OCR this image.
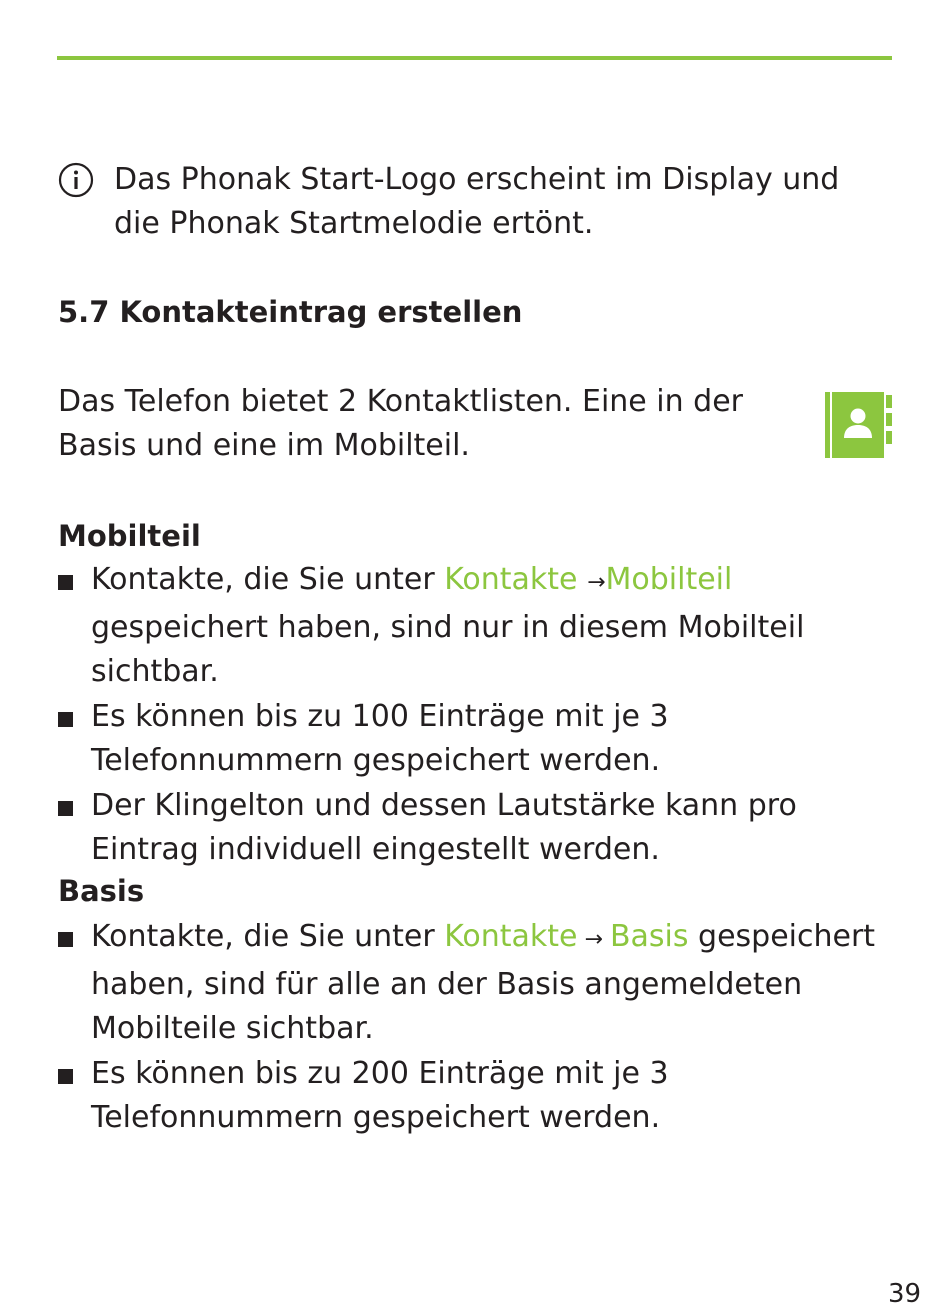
Das Phonak Start-Logo erscheint im Display und die Phonak Startmelodie ertönt.

5.7 Kontakteintrag erstellen

Das Telefon bietet 2 Kontaktlisten. Eine in der Basis und eine im Mobilteil.

Mobilteil
Kontakte, die Sie unter Kontakte →Mobilteil gespeichert haben, sind nur in diesem Mobilteil sichtbar.
Es können bis zu 100 Einträge mit je 3 Telefonnummern gespeichert werden.
Der Klingelton und dessen Lautstärke kann pro Eintrag individuell eingestellt werden.
Basis
Kontakte, die Sie unter Kontakte → Basis gespeichert haben, sind für alle an der Basis angemeldeten Mobilteile sichtbar.
Es können bis zu 200 Einträge mit je 3 Telefonnummern gespeichert werden.

39
